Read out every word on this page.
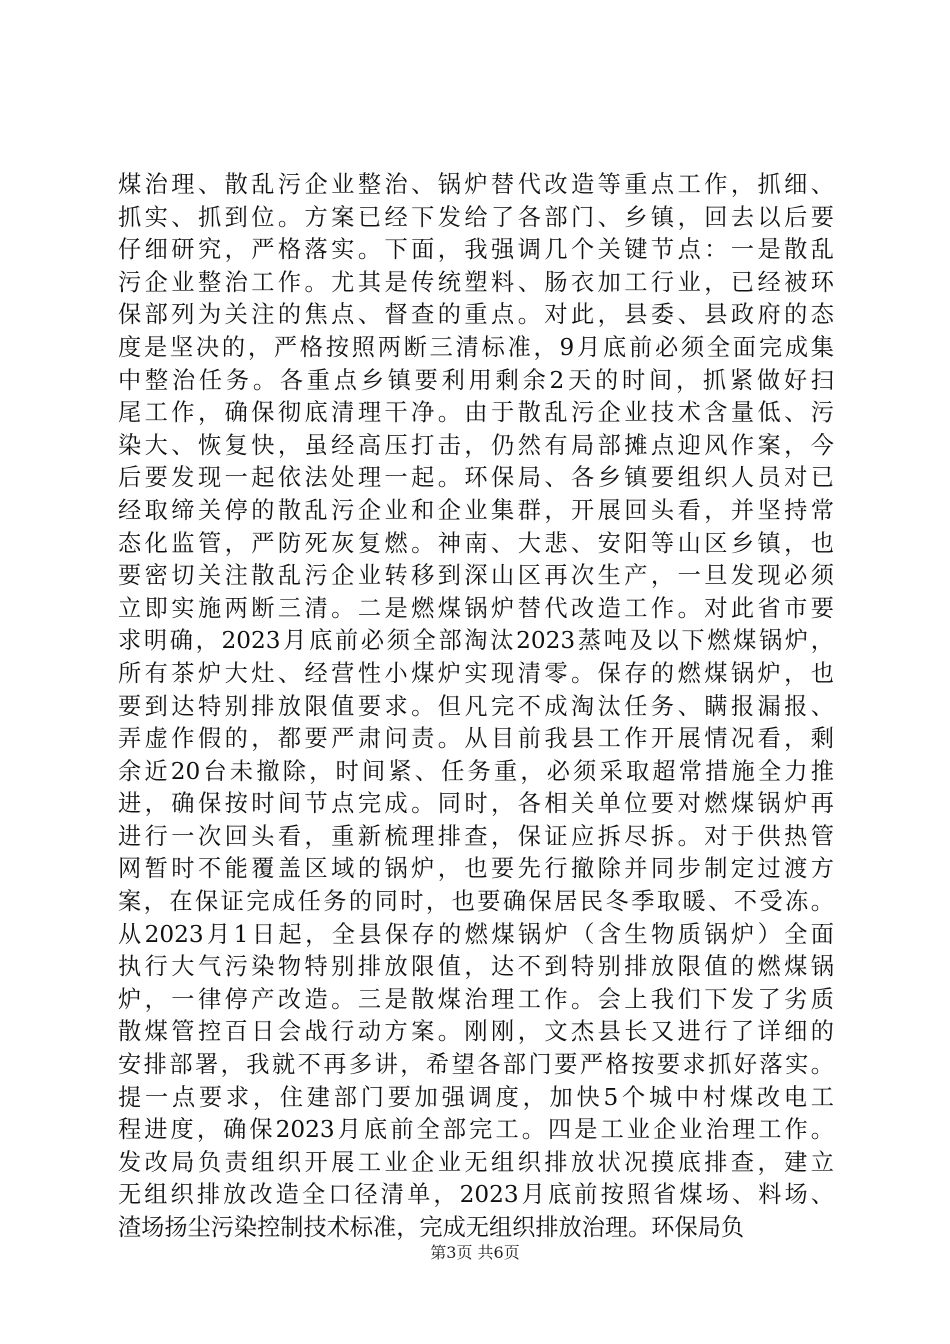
煤治理、散乱污企业整治、锅炉替代改造等重点工作，抓细、
抓实、抓到位。方案已经下发给了各部门、乡镇，回去以后要
仔细研究，严格落实。下面，我强调几个关键节点：一是散乱
污企业整治工作。尤其是传统塑料、肠衣加工行业，已经被环
保部列为关注的焦点、督查的重点。对此，县委、县政府的态
度是坚决的，严格按照两断三清标准，9月底前必须全面完成集
中整治任务。各重点乡镇要利用剩余2天的时间，抓紧做好扫
尾工作，确保彻底清理干净。由于散乱污企业技术含量低、污
染大、恢复快，虽经高压打击，仍然有局部摊点迎风作案，今
后要发现一起依法处理一起。环保局、各乡镇要组织人员对已
经取缔关停的散乱污企业和企业集群，开展回头看，并坚持常
态化监管，严防死灰复燃。神南、大悲、安阳等山区乡镇，也
要密切关注散乱污企业转移到深山区再次生产，一旦发现必须
立即实施两断三清。二是燃煤锅炉替代改造工作。对此省市要
求明确，2023月底前必须全部淘汰2023蒸吨及以下燃煤锅炉，
所有茶炉大灶、经营性小煤炉实现清零。保存的燃煤锅炉，也
要到达特别排放限值要求。但凡完不成淘汰任务、瞒报漏报、
弄虚作假的，都要严肃问责。从目前我县工作开展情况看，剩
余近20台未撤除，时间紧、任务重，必须采取超常措施全力推
进，确保按时间节点完成。同时，各相关单位要对燃煤锅炉再
进行一次回头看，重新梳理排查，保证应拆尽拆。对于供热管
网暂时不能覆盖区域的锅炉，也要先行撤除并同步制定过渡方
案，在保证完成任务的同时，也要确保居民冬季取暖、不受冻。
从2023月1日起，全县保存的燃煤锅炉（含生物质锅炉）全面
执行大气污染物特别排放限值，达不到特别排放限值的燃煤锅
炉，一律停产改造。三是散煤治理工作。会上我们下发了劣质
散煤管控百日会战行动方案。刚刚，文杰县长又进行了详细的
安排部署，我就不再多讲，希望各部门要严格按要求抓好落实。
提一点要求，住建部门要加强调度，加快5个城中村煤改电工
程进度，确保2023月底前全部完工。四是工业企业治理工作。
发改局负责组织开展工业企业无组织排放状况摸底排查，建立
无组织排放改造全口径清单，2023月底前按照省煤场、料场、
渣场扬尘污染控制技术标准，完成无组织排放治理。环保局负
第3页 共6页
